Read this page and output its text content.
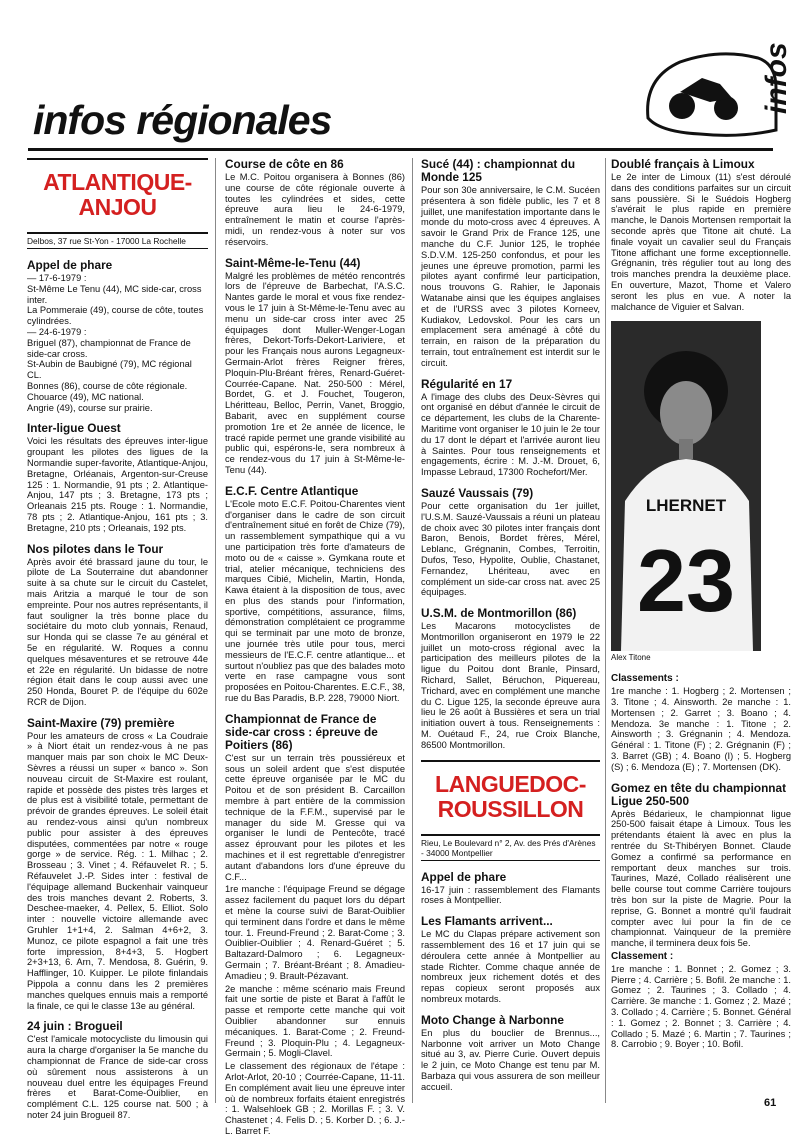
infos régionales
infos
ATLANTIQUE-ANJOU
Delbos, 37 rue St-Yon - 17000 La Rochelle
Appel de phare

— 17-6-1979 :
St-Même Le Tenu (44), MC side-car, cross inter.
La Pommeraie (49), course de côte, toutes cylindrées.
— 24-6-1979 :
Briguel (87), championnat de France de side-car cross.
St-Aubin de Baubigné (79), MC régional CL.
Bonnes (86), course de côte régionale.
Chouarce (49), MC national.
Angrie (49), course sur prairie.

Inter-ligue Ouest

Voici les résultats des épreuves inter-ligue groupant les pilotes des ligues de la Normandie super-favorite, Atlantique-Anjou, Bretagne, Orléanais, Argenton-sur-Creuse 125 : 1. Normandie, 91 pts ; 2. Atlantique-Anjou, 147 pts ; 3. Bretagne, 173 pts ; Orleanais 215 pts. Rouge : 1. Normandie, 78 pts ; 2. Atlantique-Anjou, 161 pts ; 3. Bretagne, 210 pts ; Orleanais, 192 pts.

Nos pilotes dans le Tour

Après avoir été brassard jaune du tour, le pilote de La Souterraine dut abandonner suite à sa chute sur le circuit du Castelet, mais Aritzia a marqué le tour de son empreinte. Pour nos autres représentants, il faut souligner la très bonne place du sociétaire du moto club yonnais, Renaud, sur Honda qui se classe 7e au général et 5e en régularité. W. Roques a connu quelques mésaventures et se retrouve 44e et 22e en régularité. Un bidasse de notre région était dans le coup aussi avec une 250 Honda, Bouret P. de l'équipe du 602e RCR de Dijon.

Saint-Maxire (79) première

Pour les amateurs de cross « La Coudraie » à Niort était un rendez-vous à ne pas manquer mais par son choix le MC Deux-Sèvres a réussi un super « banco ». Son nouveau circuit de St-Maxire est roulant, rapide et possède des pistes très larges et de plus est à visibilité totale, permettant de prévoir de grandes épreuves. Le soleil était au rendez-vous ainsi qu'un nombreux public pour assister à des épreuves disputées, commentées par notre « rouge gorge » de service. Rég. : 1. Milhac ; 2. Brosseau ; 3. Vinet ; 4. Réfauvelet R. ; 5. Réfauvelet J.-P. Sides inter : festival de l'équipage allemand Buckenhair vainqueur des trois manches devant 2. Roberts, 3. Deschee-maeker, 4. Pellex, 5. Elliot. Solo inter : nouvelle victoire allemande avec Gruhler 1+1+4, 2. Salman 4+6+2, 3. Munoz, ce pilote espagnol a fait une très forte impression, 8+4+3, 5. Hogbert 2+3+13, 6. Arn, 7. Mendosa, 8. Guérin, 9. Hafflinger, 10. Kuipper. Le pilote finlandais Pippola a connu dans les 2 premières manches quelques ennuis mais a remporté la finale, ce qui le classe 13e au général.

24 juin : Brogueil

C'est l'amicale motocycliste du limousin qui aura la charge d'organiser la 5e manche du championnat de France de side-car cross où sûrement nous assisterons à un nouveau duel entre les équipages Freund frères et Barat-Come-Ouiblier, en complément C.L. 125 course nat. 500 ; à noter 24 juin Brogueil 87.

Course de côte en 86

Le M.C. Poitou organisera à Bonnes (86) une course de côte régionale ouverte à toutes les cylindrées et sides, cette épreuve aura lieu le 24-6-1979, entraînement le matin et course l'après-midi, un rendez-vous à noter sur vos réservoirs.

Saint-Même-le-Tenu (44)

Malgré les problèmes de météo rencontrés lors de l'épreuve de Barbechat, l'A.S.C. Nantes garde le moral et vous fixe rendez-vous le 17 juin à St-Même-le-Tenu avec au menu un side-car cross inter avec 25 équipages dont Muller-Wenger-Logan frères, Dekort-Torfs-Dekort-Lariviere, et pour les Français nous aurons Legagneux-Germain-Arlot frères Reigner frères, Ploquin-Plu-Bréant frères, Renard-Guéret-Courrée-Capane. Nat. 250-500 : Mérel, Bordet, G. et J. Fouchet, Tougeron, Lhéritteau, Belloc, Perrin, Vanet, Broggio, Babarit, avec en supplément course promotion 1re et 2e année de licence, le tracé rapide permet une grande visibilité au public qui, espérons-le, sera nombreux à ce rendez-vous du 17 juin à St-Même-le-Tenu (44).

E.C.F. Centre Atlantique

L'Ecole moto E.C.F. Poitou-Charentes vient d'organiser dans le cadre de son circuit d'entraînement situé en forêt de Chize (79), un rassemblement sympathique qui a vu une participation très forte d'amateurs de moto ou de « caisse ». Gymkana route et trial, atelier mécanique, techniciens des marques Cibié, Michelin, Martin, Honda, Kawa étaient à la disposition de tous, avec en plus des stands pour l'information, sportive, compétitions, assurance, films, démonstration complétaient ce programme qui se terminait par une moto de bronze, une journée très utile pour tous, merci messieurs de l'E.C.F. centre atlantique... et surtout n'oubliez pas que des balades moto verte en rase campagne vous sont proposées en Poitou-Charentes. E.C.F., 38, rue du Bas Paradis, B.P. 228, 79000 Niort.

Championnat de France de side-car cross : épreuve de Poitiers (86)

C'est sur un terrain très poussiéreux et sous un soleil ardent que s'est disputée cette épreuve organisée par le MC du Poitou et de son président B. Carcaillon membre à part entière de la commission technique de la F.F.M., supervisé par le manager du side M. Gresse qui va organiser le lundi de Pentecôte, tracé assez éprouvant pour les pilotes et les machines et il est regrettable d'enregistrer autant d'abandons lors d'une épreuve du C.F...

1re manche : l'équipage Freund se dégage assez facilement du paquet lors du départ et mène la course suivi de Barat-Ouiblier qui terminent dans l'ordre et dans le même tour. 1. Freund-Freund ; 2. Barat-Come ; 3. Ouiblier-Ouiblier ; 4. Renard-Guéret ; 5. Baltazard-Dalmoro ; 6. Legagneux-Germain ; 7. Bréant-Bréant ; 8. Amadieu-Amadieu ; 9. Brault-Pézavant.

2e manche : même scénario mais Freund fait une sortie de piste et Barat à l'affût le passe et remporte cette manche qui voit Ouiblier abandonner sur ennuis mécaniques. 1. Barat-Come ; 2. Freund-Freund ; 3. Ploquin-Plu ; 4. Legagneux-Germain ; 5. Mogli-Clavel.

Le classement des régionaux de l'étape : Arlot-Arlot, 20-10 ; Courrée-Capane, 11-11. En complément avait lieu une épreuve inter où de nombreux forfaits étaient enregistrés : 1. Walsehloek GB ; 2. Morillas F. ; 3. V. Chastenet ; 4. Felis D. ; 5. Korber D. ; 6. J.-L. Barret F.

Sucé (44) : championnat du Monde 125

Pour son 30e anniversaire, le C.M. Sucéen présentera à son fidèle public, les 7 et 8 juillet, une manifestation importante dans le monde du moto-cross avec 4 épreuves. A savoir le Grand Prix de France 125, une manche du C.F. Junior 125, le trophée S.D.V.M. 125-250 confondus, et pour les jeunes une épreuve promotion, parmi les pilotes ayant confirmé leur participation, nous trouvons G. Rahier, le Japonais Watanabe ainsi que les équipes anglaises et de l'URSS avec 3 pilotes Korneev, Kudiakov, Ledovskol. Pour les cars un emplacement sera aménagé à côté du terrain, en raison de la préparation du terrain, tout entraînement est interdit sur le circuit.

Régularité en 17

A l'image des clubs des Deux-Sèvres qui ont organisé en début d'année le circuit de ce département, les clubs de la Charente-Maritime vont organiser le 10 juin le 2e tour du 17 dont le départ et l'arrivée auront lieu à Saintes. Pour tous renseignements et engagements, écrire : M. J.-M. Drouet, 6, Impasse Lebraud, 17300 Rochefort/Mer.

Sauzé Vaussais (79)

Pour cette organisation du 1er juillet, l'U.S.M. Sauzé-Vaussais a réuni un plateau de choix avec 30 pilotes inter français dont Baron, Benois, Bordet frères, Mérel, Leblanc, Grégnanin, Combes, Terroitin, Dufos, Teso, Hypolite, Oublie, Chastanet, Fernandez, Lhériteau, avec en complément un side-car cross nat. avec 25 équipages.

U.S.M. de Montmorillon (86)

Les Macarons motocyclistes de Montmorillon organiseront en 1979 le 22 juillet un moto-cross régional avec la participation des meilleurs pilotes de la ligue du Poitou dont Branle, Pinsard, Richard, Sallet, Béruchon, Piquereau, Trichard, avec en complément une manche du C. Ligue 125, la seconde épreuve aura lieu le 26 août à Bussières et sera un trial initiation ouvert à tous. Renseignements : M. Ouétaud F., 24, rue Croix Blanche, 86500 Montmorillon.

LANGUEDOC-ROUSSILLON
Rieu, Le Boulevard n° 2, Av. des Prés d'Arènes - 34000 Montpellier
Appel de phare

16-17 juin : rassemblement des Flamants roses à Montpellier.

Les Flamants arrivent...

Le MC du Clapas prépare activement son rassemblement des 16 et 17 juin qui se déroulera cette année à Montpellier au stade Richter. Comme chaque année de nombreux jeux richement dotés et des repas copieux seront proposés aux nombreux motards.

Moto Change à Narbonne

En plus du bouclier de Brennus..., Narbonne voit arriver un Moto Change situé au 3, av. Pierre Curie. Ouvert depuis le 2 juin, ce Moto Change est tenu par M. Barbaza qui vous assurera de son meilleur accueil.

Doublé français à Limoux

Le 2e inter de Limoux (11) s'est déroulé dans des conditions parfaites sur un circuit sans poussière. Si le Suédois Hogberg s'avérait le plus rapide en première manche, le Danois Mortensen remportait la seconde après que Titone ait chuté. La finale voyait un cavalier seul du Français Titone affichant une forme exceptionnelle. Grégnanin, très régulier tout au long des trois manches prendra la deuxième place. En ouverture, Mazot, Thome et Valero seront les plus en vue. A noter la malchance de Viguier et Salvan.

LHERNET
23
Alex Titone
Classements :

1re manche : 1. Hogberg ; 2. Mortensen ; 3. Titone ; 4. Ainsworth. 2e manche : 1. Mortensen ; 2. Garret ; 3. Boano ; 4. Mendoza. 3e manche : 1. Titone ; 2. Ainsworth ; 3. Grégnanin ; 4. Mendoza. Général : 1. Titone (F) ; 2. Grégnanin (F) ; 3. Barret (GB) ; 4. Boano (I) ; 5. Hogberg (S) ; 6. Mendoza (E) ; 7. Mortensen (DK).

Gomez en tête du championnat Ligue 250-500

Après Bédarieux, le championnat ligue 250-500 faisait étape à Limoux. Tous les prétendants étaient là avec en plus la rentrée du St-Thibéryen Bonnet. Claude Gomez a confirmé sa performance en remportant deux manches sur trois. Taurines, Mazé, Collado réalisèrent une belle course tout comme Carrière toujours très bon sur la piste de Magrie. Pour la reprise, G. Bonnet a montré qu'il faudrait compter avec lui pour la fin de ce championnat. Vainqueur de la première manche, il terminera deux fois 5e.

Classement :

1re manche : 1. Bonnet ; 2. Gomez ; 3. Pierre ; 4. Carrière ; 5. Bofil. 2e manche : 1. Gomez ; 2. Taurines ; 3. Collado ; 4. Carrière. 3e manche : 1. Gomez ; 2. Mazé ; 3. Collado ; 4. Carrière ; 5. Bonnet. Général : 1. Gomez ; 2. Bonnet ; 3. Carrière ; 4. Collado ; 5. Mazé ; 6. Martin ; 7. Taurines ; 8. Carrobio ; 9. Boyer ; 10. Bofil.

61
